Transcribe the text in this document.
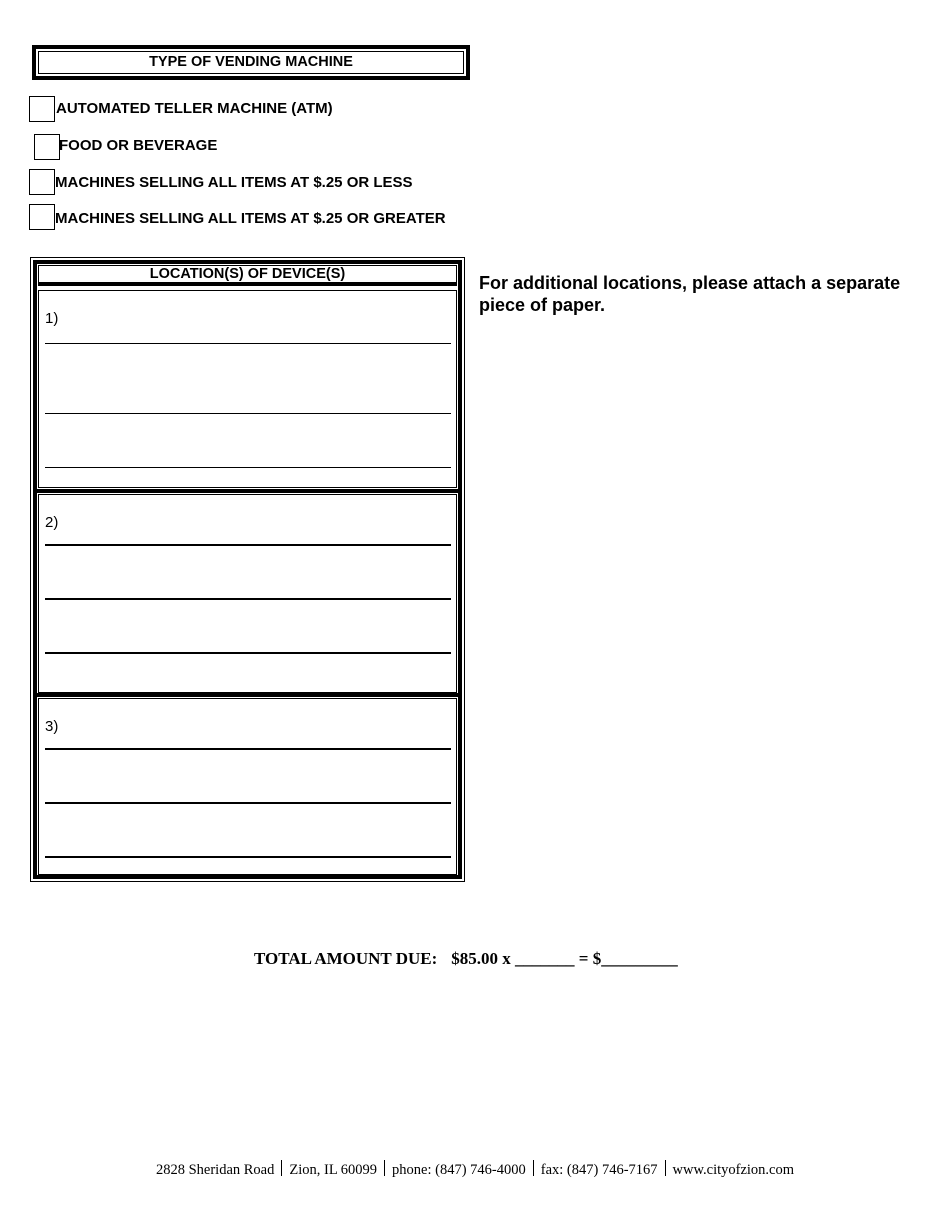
TYPE OF VENDING MACHINE
AUTOMATED TELLER MACHINE (ATM)
FOOD OR BEVERAGE
MACHINES SELLING ALL ITEMS AT $.25 OR LESS
MACHINES SELLING ALL ITEMS AT $.25 OR GREATER
LOCATION(S) OF DEVICE(S)
1)
2)
3)
For additional locations, please attach a separate piece of paper.
TOTAL AMOUNT DUE: $85.00 x _______ = $_________
2828 Sheridan Road Zion, IL 60099 phone: (847) 746-4000 fax: (847) 746-7167 www.cityofzion.com
